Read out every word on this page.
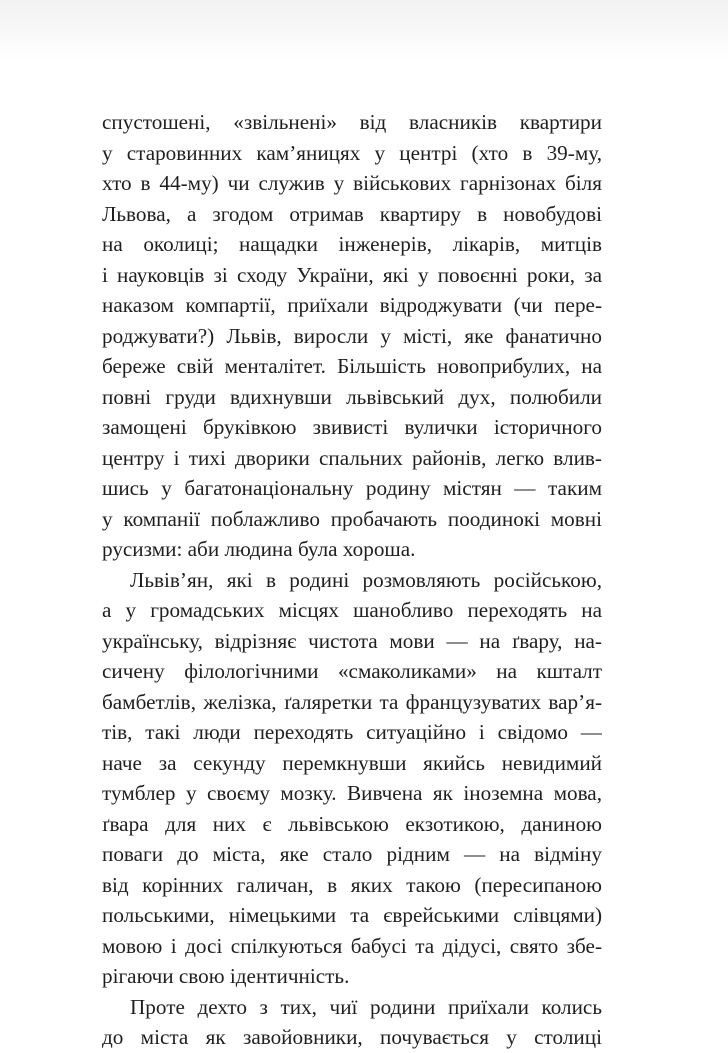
спустошені, «звільнені» від власників квартири
у старовинних кам’яницях у центрі (хто в 39-му,
хто в 44-му) чи служив у військових гарнізонах біля
Львова, а згодом отримав квартиру в новобудові
на околиці; нащадки інженерів, лікарів, митців
і науковців зі сходу України, які у повоєнні роки, за
наказом компартії, приїхали відроджувати (чи пере-
роджувати?) Львів, виросли у місті, яке фанатично
береже свій менталітет. Більшість новоприбулих, на
повні груди вдихнувши львівський дух, полюбили
замощені бруківкою звивисті вулички історичного
центру і тихі дворики спальних районів, легко влив-
шись у багатонаціональну родину містян — таким
у компанії поблажливо пробачають поодинокі мовні
русизми: аби людина була хороша.
Львів’ян, які в родині розмовляють російською,
а у громадських місцях шанобливо переходять на
українську, відрізняє чистота мови — на ґвару, на-
сичену філологічними «смаколиками» на кшталт
бамбетлів, желізка, ґаляретки та французуватих вар’я-
тів, такі люди переходять ситуаційно і свідомо —
наче за секунду перемкнувши якийсь невидимий
тумблер у своєму мозку. Вивчена як іноземна мова,
ґвара для них є львівською екзотикою, даниною
поваги до міста, яке стало рідним — на відміну
від корінних галичан, в яких такою (пересипаною
польськими, німецькими та єврейськими слівцями)
мовою і досі спілкуються бабусі та дідусі, свято збе-
рігаючи свою ідентичність.
Проте дехто з тих, чиї родини приїхали колись
до міста як завойовники, почувається у столиці
